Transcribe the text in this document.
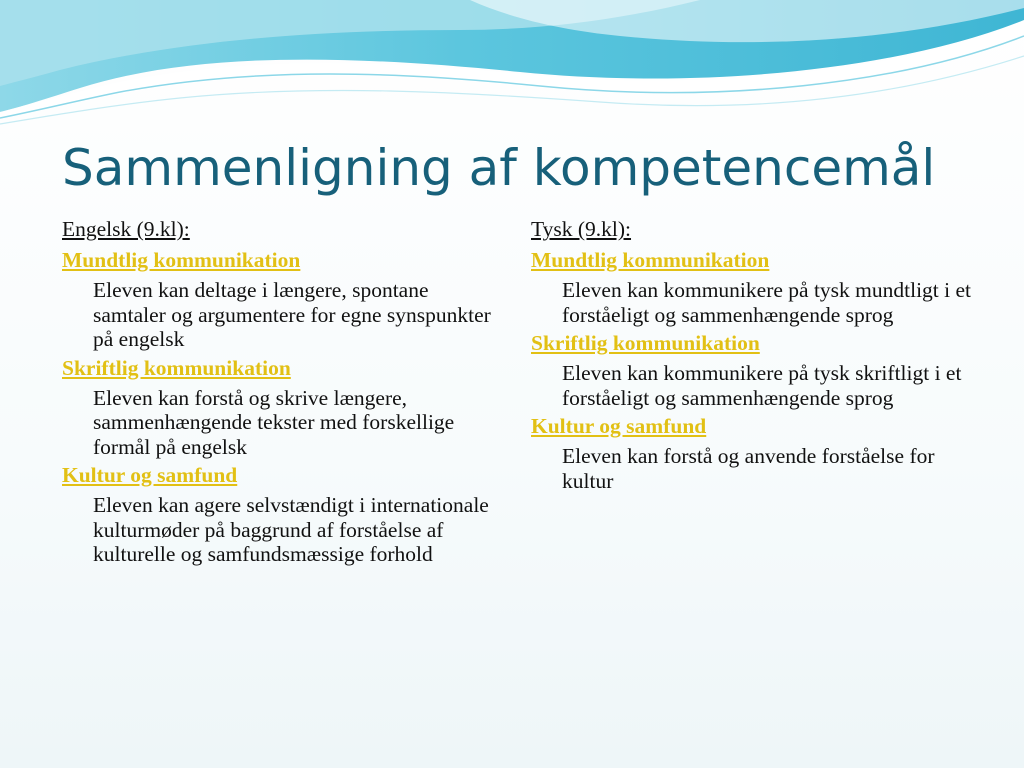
Sammenligning af kompetencemål
Engelsk (9.kl):
Mundtlig kommunikation
Eleven kan deltage i længere, spontane samtaler og argumentere for egne synspunkter på engelsk
Skriftlig kommunikation
Eleven kan forstå og skrive længere, sammenhængende tekster med forskellige formål på engelsk
Kultur og samfund
Eleven kan agere selvstændigt i internationale kulturmøder på baggrund af forståelse af kulturelle og samfundsmæssige forhold
Tysk (9.kl):
Mundtlig kommunikation
Eleven kan kommunikere på tysk mundtligt i et forståeligt og sammenhængende sprog
Skriftlig kommunikation
Eleven kan kommunikere på tysk skriftligt i et forståeligt og sammenhængende sprog
Kultur og samfund
Eleven kan forstå og anvende forståelse for kultur
